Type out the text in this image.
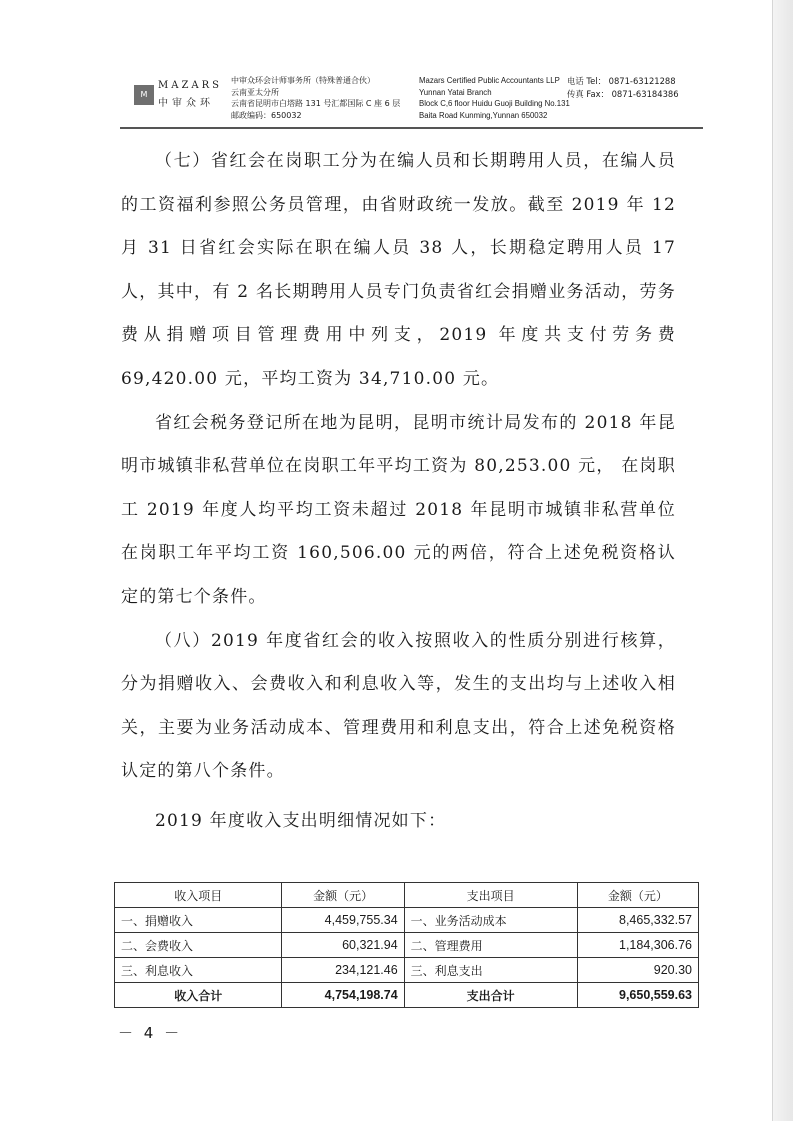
M
MAZARS
中审众环
中审众环会计师事务所（特殊普通合伙）
云南亚太分所
云南省昆明市白塔路 131 号汇都国际 C 座 6 层
邮政编码：650032
Mazars Certified Public Accountants LLP
Yunnan Yatai Branch
Block C,6 floor Huidu Guoji Building No.131
Baita Road Kunming,Yunnan 650032
电话 Tel： 0871-63121288
传真 Fax： 0871-63184386

（七）省红会在岗职工分为在编人员和长期聘用人员，在编人员的工资福利参照公务员管理，由省财政统一发放。截至 2019 年 12 月 31 日省红会实际在职在编人员 38 人，长期稳定聘用人员 17 人，其中，有 2 名长期聘用人员专门负责省红会捐赠业务活动，劳务费从捐赠项目管理费用中列支，2019 年度共支付劳务费 69,420.00 元，平均工资为 34,710.00 元。

省红会税务登记所在地为昆明，昆明市统计局发布的 2018 年昆明市城镇非私营单位在岗职工年平均工资为 80,253.00 元， 在岗职工 2019 年度人均平均工资未超过 2018 年昆明市城镇非私营单位在岗职工年平均工资 160,506.00 元的两倍，符合上述免税资格认定的第七个条件。

（八）2019 年度省红会的收入按照收入的性质分别进行核算，分为捐赠收入、会费收入和利息收入等，发生的支出均与上述收入相关，主要为业务活动成本、管理费用和利息支出，符合上述免税资格认定的第八个条件。

2019 年度收入支出明细情况如下：

收入项目	金额（元）	支出项目	金额（元）
一、捐赠收入	4,459,755.34	一、业务活动成本	8,465,332.57
二、会费收入	60,321.94	二、管理费用	1,184,306.76
三、利息收入	234,121.46	三、利息支出	920.30
收入合计	4,754,198.74	支出合计	9,650,559.63
－ 4 －
